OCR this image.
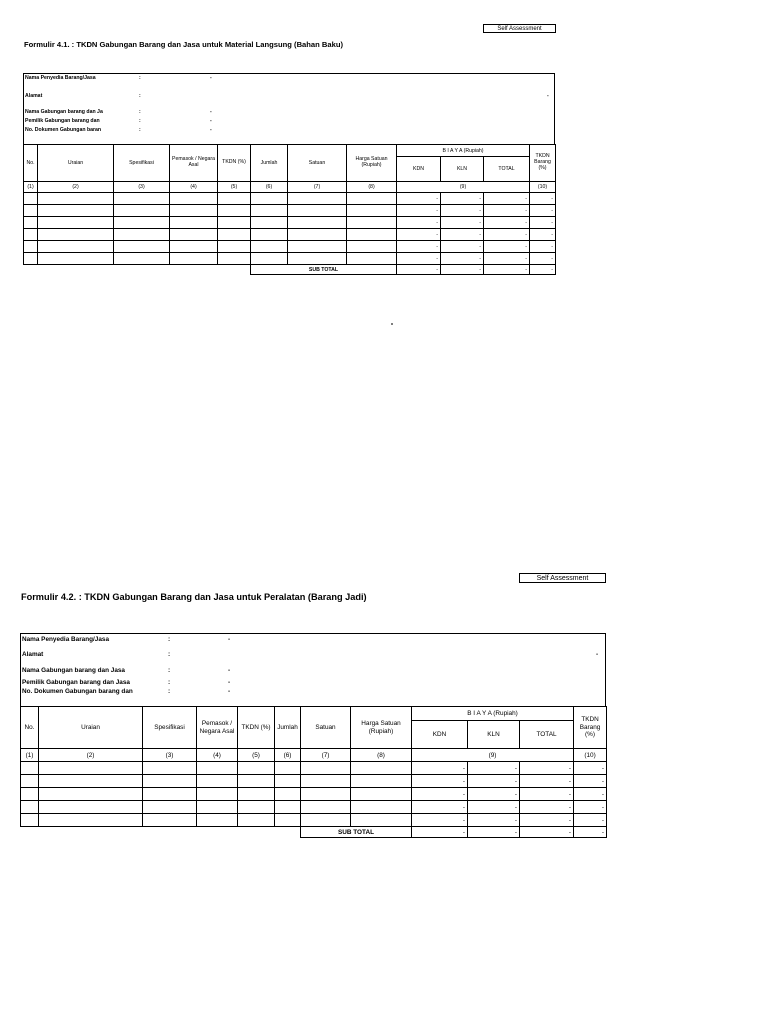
Self Assessment
Formulir 4.1. : TKDN Gabungan Barang dan Jasa untuk Material Langsung (Bahan Baku)
Nama Penyedia Barang/Jasa	:	-
Alamat	:	-
Nama Gabungan barang dan Ja	:	-
Pemilik Gabungan barang dan	:	-
No. Dokumen Gabungan baran	:	-
No.	Uraian	Spesifikasi	Pemasok / Negara Asal	TKDN (%)	Jumlah	Satuan	Harga Satuan (Rupiah)	B I A Y A (Rupiah)			TKDN Barang (%)
								KDN	KLN	TOTAL	
(1)	(2)	(3)	(4)	(5)	(6)	(7)	(8)	(9)			(10)
								-	-	-	-
								-	-	-	-
								-	-	-	-
								-	-	-	-
								-	-	-	-
								-	-	-	-
					SUB TOTAL			-	-	-	-
Self Assessment
Formulir 4.2. : TKDN Gabungan Barang dan Jasa untuk Peralatan (Barang Jadi)
Nama Penyedia Barang/Jasa	:	-
Alamat	:	-
Nama Gabungan barang dan Jasa	:	-
Pemilik Gabungan barang dan Jasa	:	-
No. Dokumen Gabungan barang dan	:	-
No.	Uraian	Spesifikasi	Pemasok / Negara Asal	TKDN (%)	Jumlah	Satuan	Harga Satuan (Rupiah)	B I A Y A (Rupiah)			TKDN Barang (%)
								KDN	KLN	TOTAL	
(1)	(2)	(3)	(4)	(5)	(6)	(7)	(8)	(9)			(10)
								-	-	-	-
								-	-	-	-
								-	-	-	-
								-	-	-	-
								-	-	-	-
						SUB TOTAL		-	-	-	-
